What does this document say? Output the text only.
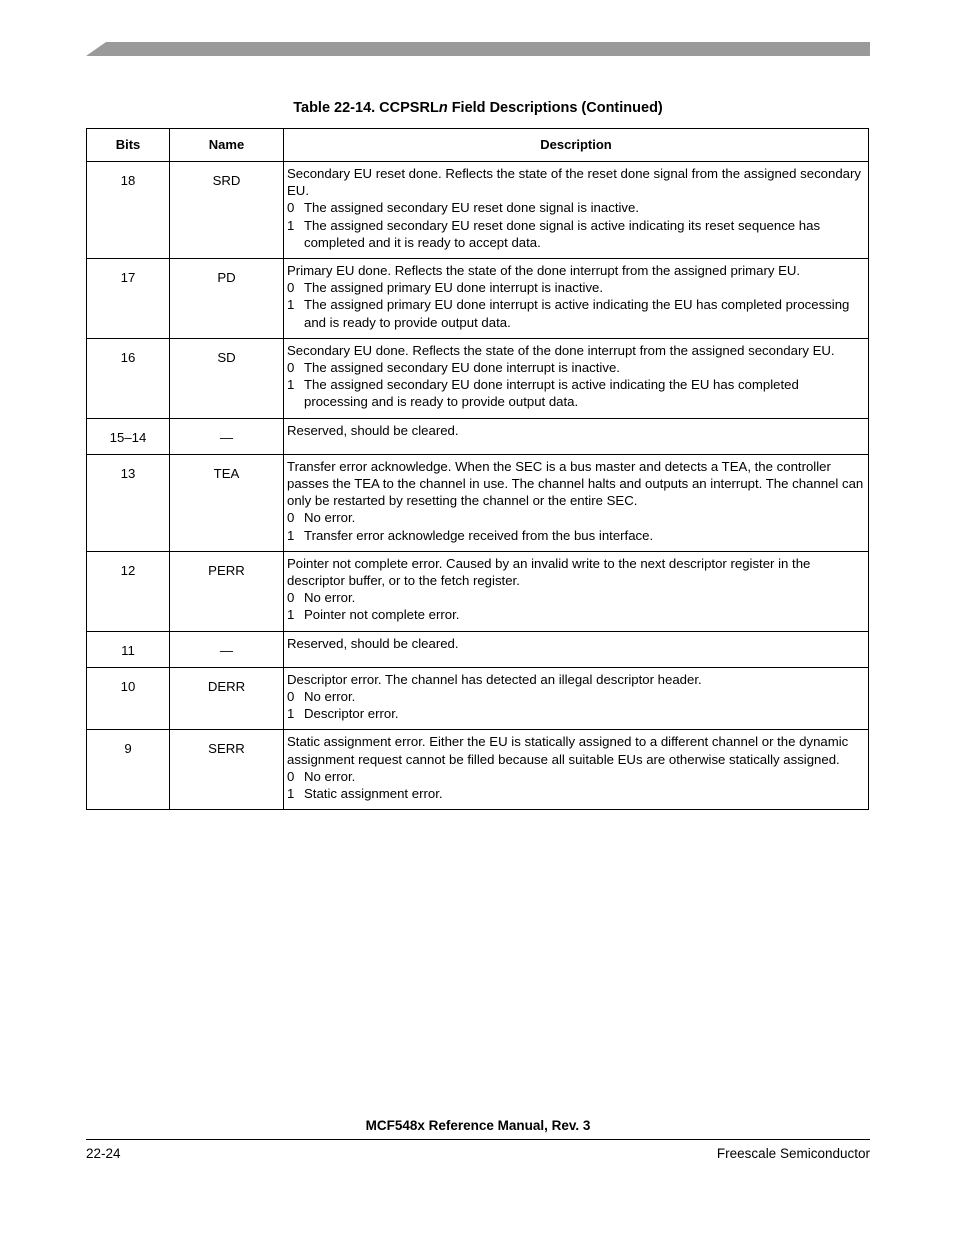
Table 22-14. CCPSRLn Field Descriptions (Continued)
Bits	Name	Description
18	SRD	Secondary EU reset done. Reflects the state of the reset done signal from the assigned secondary EU.
0 The assigned secondary EU reset done signal is inactive.
1 The assigned secondary EU reset done signal is active indicating its reset sequence has completed and it is ready to accept data.

17	PD	Primary EU done. Reflects the state of the done interrupt from the assigned primary EU.
0 The assigned primary EU done interrupt is inactive.
1 The assigned primary EU done interrupt is active indicating the EU has completed processing and is ready to provide output data.

16	SD	Secondary EU done. Reflects the state of the done interrupt from the assigned secondary EU.
0 The assigned secondary EU done interrupt is inactive.
1 The assigned secondary EU done interrupt is active indicating the EU has completed processing and is ready to provide output data.

15–14	—	Reserved, should be cleared.

13	TEA	Transfer error acknowledge. When the SEC is a bus master and detects a TEA, the controller passes the TEA to the channel in use. The channel halts and outputs an interrupt. The channel can only be restarted by resetting the channel or the entire SEC.
0 No error.
1 Transfer error acknowledge received from the bus interface.

12	PERR	Pointer not complete error. Caused by an invalid write to the next descriptor register in the descriptor buffer, or to the fetch register.
0 No error.
1 Pointer not complete error.

11	—	Reserved, should be cleared.

10	DERR	Descriptor error. The channel has detected an illegal descriptor header.
0 No error.
1 Descriptor error.

9	SERR	Static assignment error. Either the EU is statically assigned to a different channel or the dynamic assignment request cannot be filled because all suitable EUs are otherwise statically assigned.
0 No error.
1 Static assignment error.
MCF548x Reference Manual, Rev. 3
22-24	Freescale Semiconductor
